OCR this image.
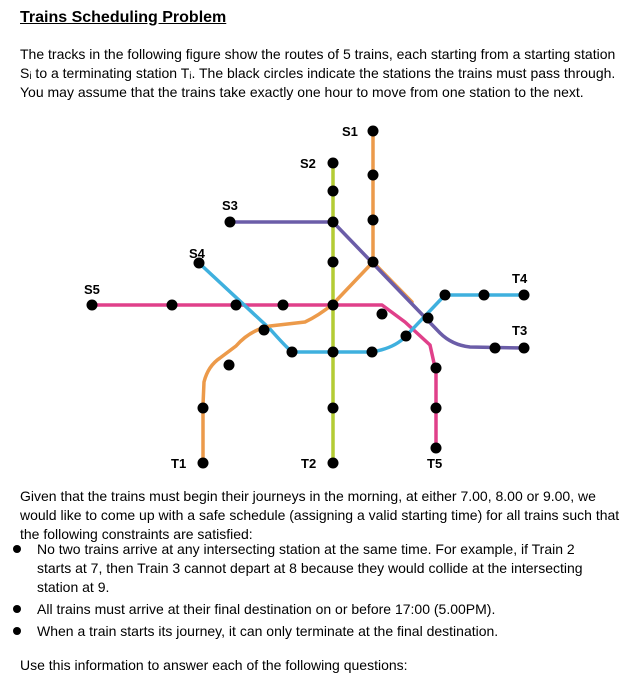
Trains Scheduling Problem

The tracks in the following figure show the routes of 5 trains, each starting from a starting station Sᵢ to a terminating station Tᵢ. The black circles indicate the stations the trains must pass through. You may assume that the trains take exactly one hour to move from one station to the next.

S1
S2
S3
S4
S5
T1	T2
T3
T4
T5

Given that the trains must begin their journeys in the morning, at either 7.00, 8.00 or 9.00, we would like to come up with a safe schedule (assigning a valid starting time) for all trains such that the following constraints are satisfied:

No two trains arrive at any intersecting station at the same time. For example, if Train 2 starts at 7, then Train 3 cannot depart at 8 because they would collide at the intersecting station at 9.
All trains must arrive at their final destination on or before 17:00 (5.00PM).
When a train starts its journey, it can only terminate at the final destination.

Use this information to answer each of the following questions:
